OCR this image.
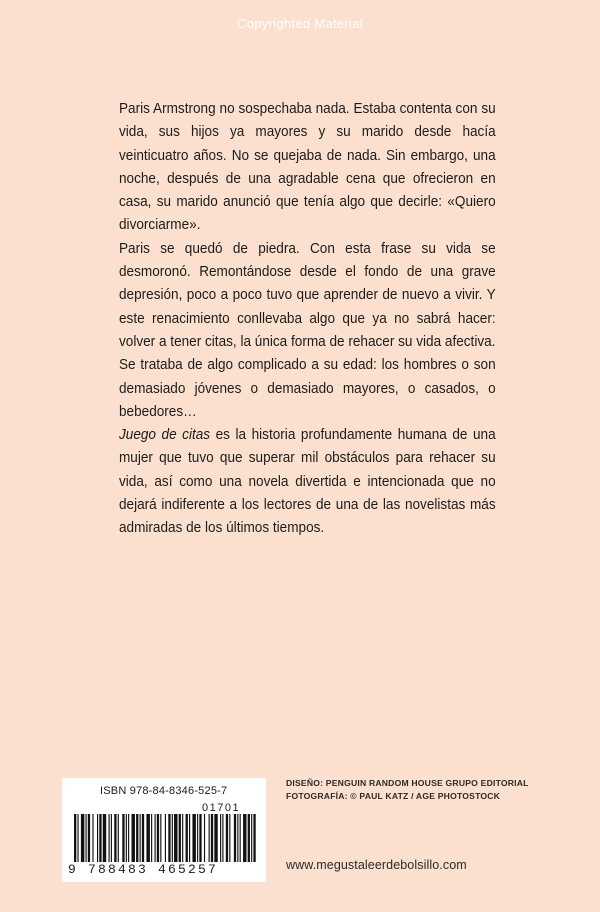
Copyrighted Material

Paris Armstrong no sospechaba nada. Estaba contenta con su vida, sus hijos ya mayores y su marido desde hacía veinticuatro años. No se quejaba de nada. Sin embargo, una noche, después de una agradable cena que ofrecieron en casa, su marido anunció que tenía algo que decirle: «Quiero divorciarme».

Paris se quedó de piedra. Con esta frase su vida se desmoronó. Remontándose desde el fondo de una grave depresión, poco a poco tuvo que aprender de nuevo a vivir. Y este renacimiento conllevaba algo que ya no sabrá hacer: volver a tener citas, la única forma de rehacer su vida afectiva.

Se trataba de algo complicado a su edad: los hombres o son demasiado jóvenes o demasiado mayores, o casados, o bebedores…

Juego de citas es la historia profundamente humana de una mujer que tuvo que superar mil obstáculos para rehacer su vida, así como una novela divertida e intencionada que no dejará indiferente a los lectores de una de las novelistas más admiradas de los últimos tiempos.

ISBN 978-84-8346-525-7
01701
9 788483 465257
DISEÑO: PENGUIN RANDOM HOUSE GRUPO EDITORIAL
FOTOGRAFÍA: © PAUL KATZ / AGE PHOTOSTOCK
www.megustaleerdebolsillo.com
